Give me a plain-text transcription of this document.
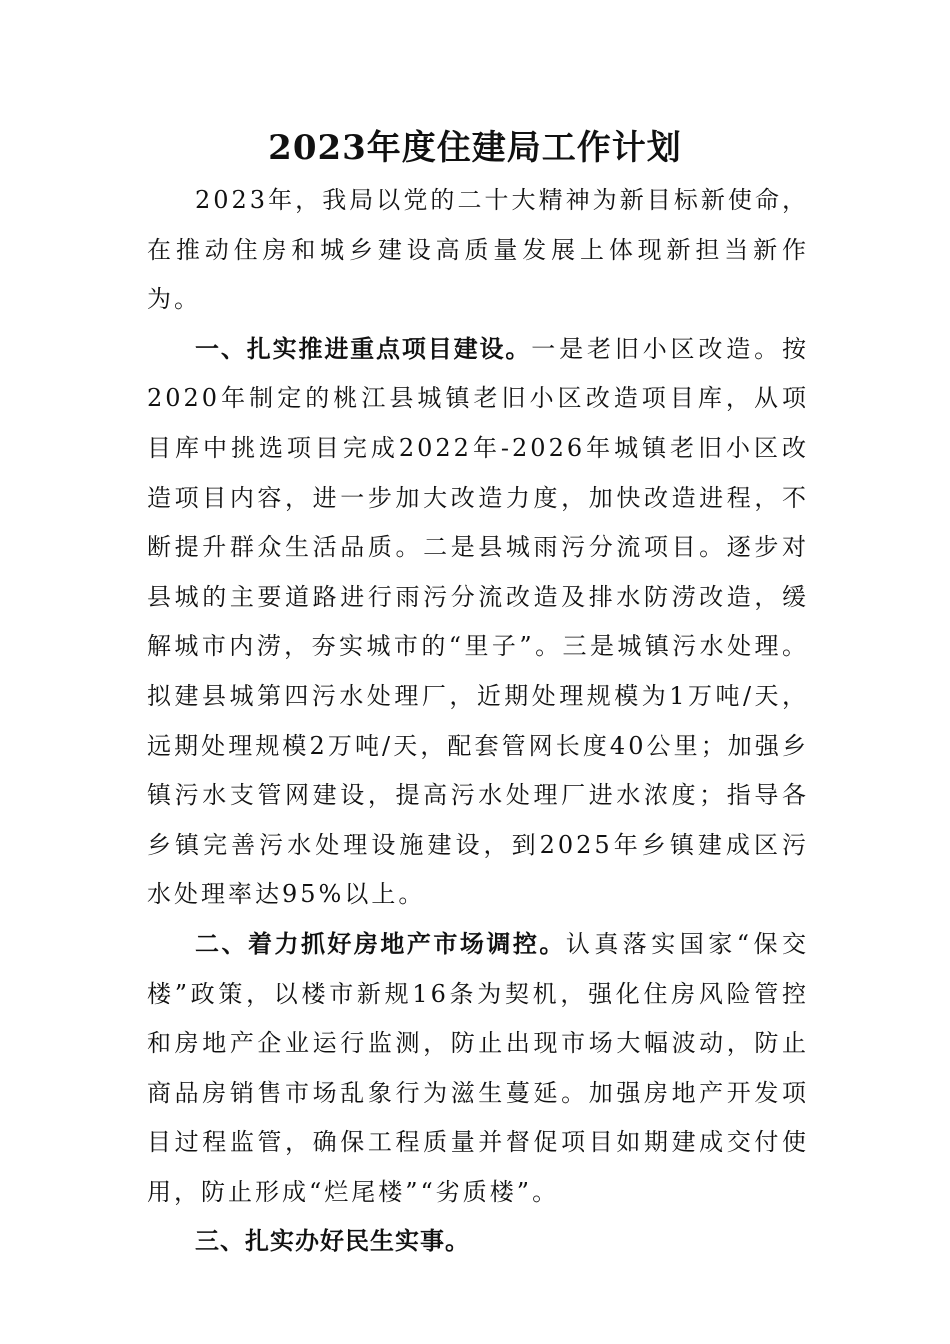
2023年度住建局工作计划

2023年，我局以党的二十大精神为新目标新使命，在推动住房和城乡建设高质量发展上体现新担当新作为。

一、扎实推进重点项目建设。一是老旧小区改造。按2020年制定的桃江县城镇老旧小区改造项目库，从项目库中挑选项目完成2022年-2026年城镇老旧小区改造项目内容，进一步加大改造力度，加快改造进程，不断提升群众生活品质。二是县城雨污分流项目。逐步对县城的主要道路进行雨污分流改造及排水防涝改造，缓解城市内涝，夯实城市的“里子”。三是城镇污水处理。拟建县城第四污水处理厂，近期处理规模为1万吨/天，远期处理规模2万吨/天，配套管网长度40公里；加强乡镇污水支管网建设，提高污水处理厂进水浓度；指导各乡镇完善污水处理设施建设，到2025年乡镇建成区污水处理率达95%以上。

二、着力抓好房地产市场调控。认真落实国家“保交楼”政策，以楼市新规16条为契机，强化住房风险管控和房地产企业运行监测，防止出现市场大幅波动，防止商品房销售市场乱象行为滋生蔓延。加强房地产开发项目过程监管，确保工程质量并督促项目如期建成交付使用，防止形成“烂尾楼”“劣质楼”。

三、扎实办好民生实事。
